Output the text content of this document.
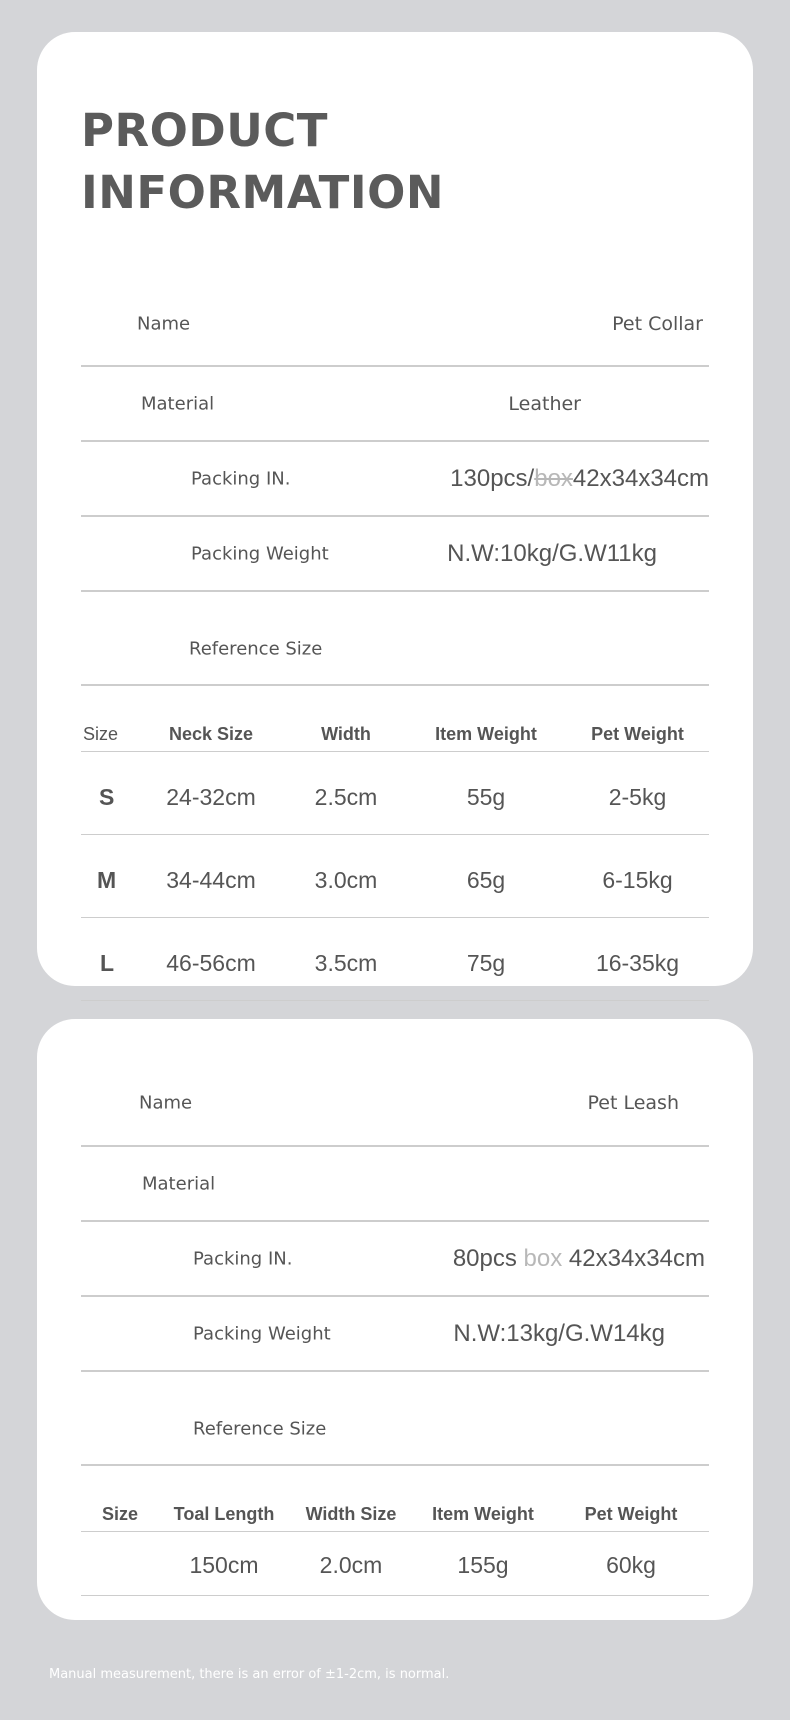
PRODUCT
INFORMATION
Name	Pet Collar
Material	Leather
Packing IN.	130pcs/box42x34x34cm
Packing Weight	N.W:10kg/G.W11kg
Reference Size
Size	Neck Size	Width	Item Weight	Pet Weight
S	24-32cm	2.5cm	55g	2-5kg
M	34-44cm	3.0cm	65g	6-15kg
L	46-56cm	3.5cm	75g	16-35kg
Name	Pet Leash
Material
Packing IN.	80pcs box 42x34x34cm
Packing Weight	N.W:13kg/G.W14kg
Reference Size
Size	Toal Length	Width Size	Item Weight	Pet Weight
	150cm	2.0cm	155g	60kg

Manual measurement, there is an error of ±1-2cm, is normal.
